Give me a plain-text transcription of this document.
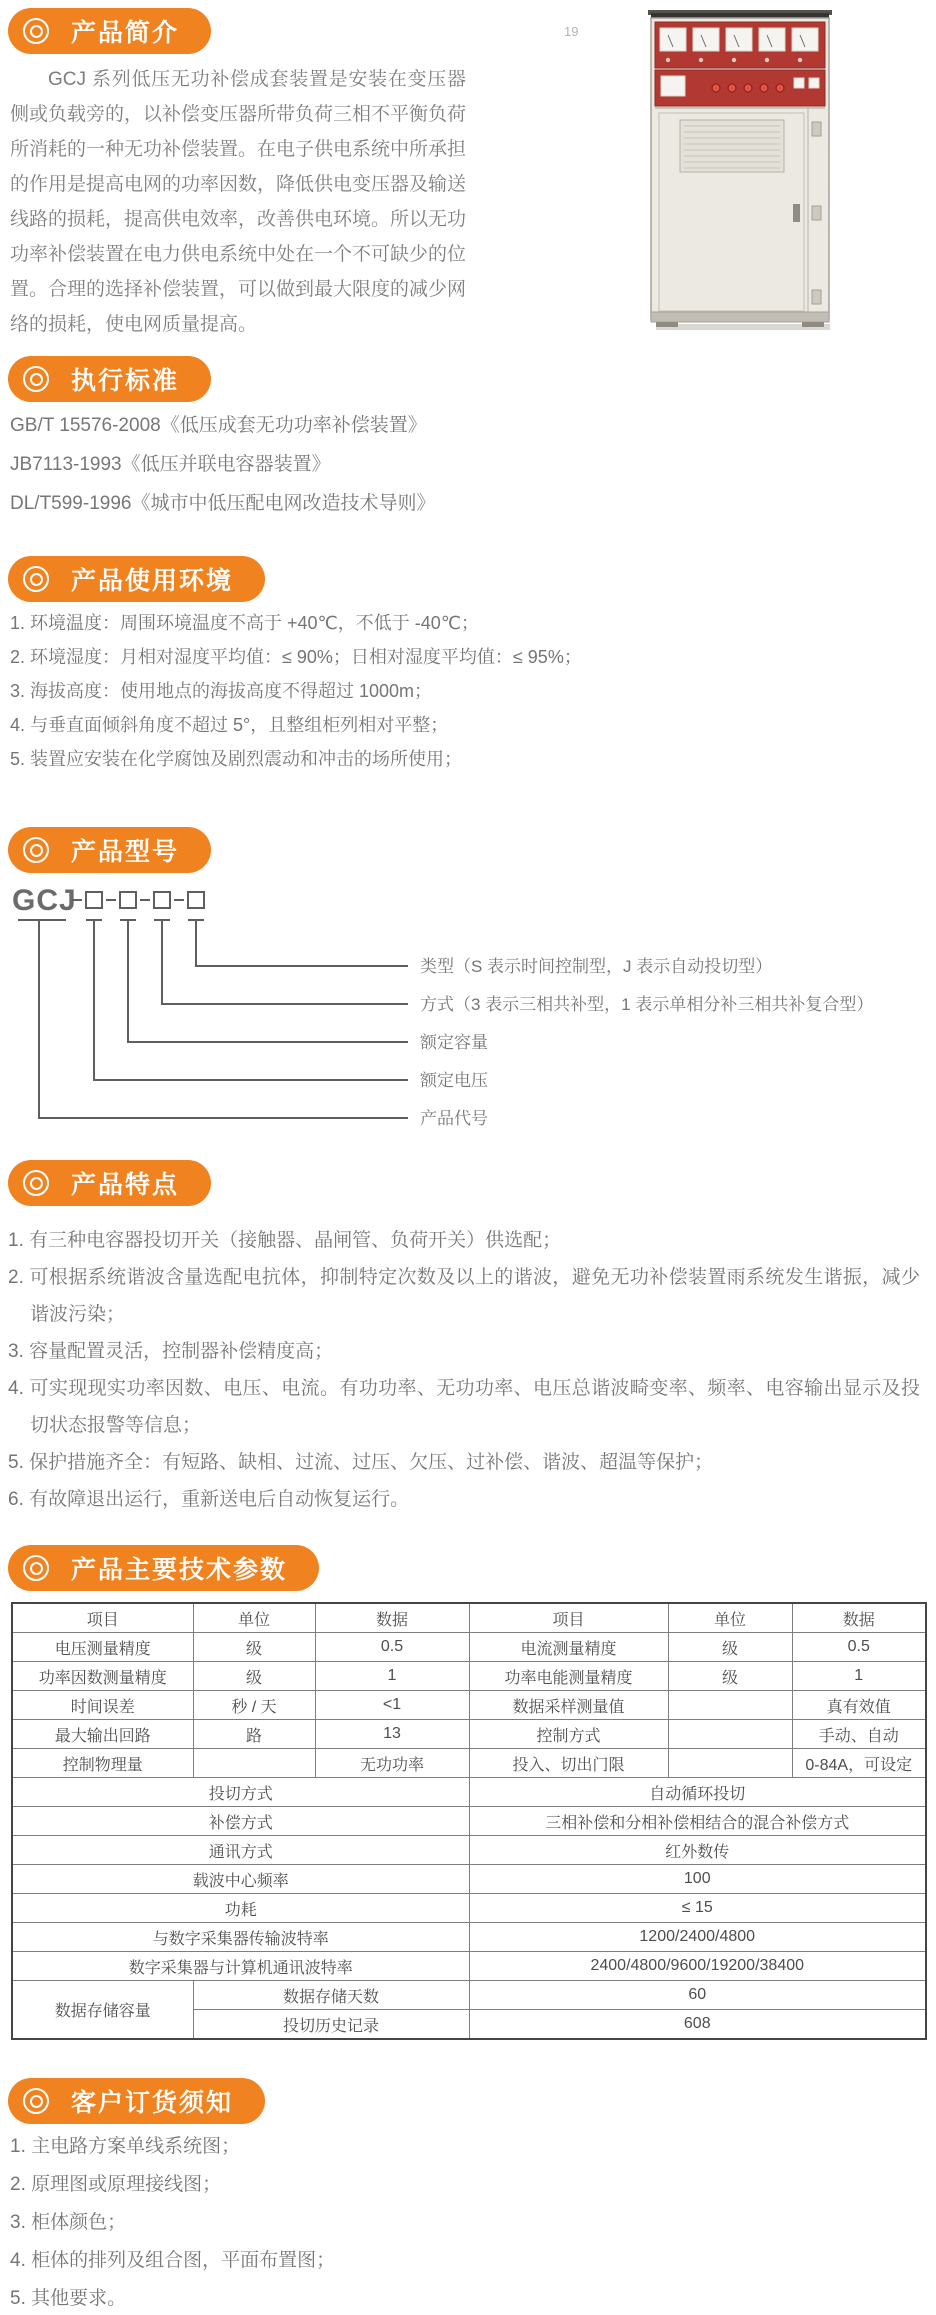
19
产品简介

GCJ 系列低压无功补偿成套装置是安装在变压器侧或负载旁的，以补偿变压器所带负荷三相不平衡负荷所消耗的一种无功补偿装置。在电子供电系统中所承担的作用是提高电网的功率因数，降低供电变压器及输送线路的损耗，提高供电效率，改善供电环境。所以无功功率补偿装置在电力供电系统中处在一个不可缺少的位置。合理的选择补偿装置，可以做到最大限度的减少网络的损耗，使电网质量提高。

执行标准
GB/T 15576-2008《低压成套无功功率补偿装置》
JB7113-1993《低压并联电容器装置》
DL/T599-1996《城市中低压配电网改造技术导则》
产品使用环境
1. 环境温度：周围环境温度不高于 +40℃，不低于 -40℃；
2. 环境湿度：月相对湿度平均值：≤ 90%；日相对湿度平均值：≤ 95%；
3. 海拔高度：使用地点的海拔高度不得超过 1000m；
4. 与垂直面倾斜角度不超过 5°，且整组柜列相对平整；
5. 装置应安装在化学腐蚀及剧烈震动和冲击的场所使用；
产品型号
GCJ
类型（S 表示时间控制型，J 表示自动投切型）
方式（3 表示三相共补型，1 表示单相分补三相共补复合型）
额定容量
额定电压
产品代号
产品特点
1. 有三种电容器投切开关（接触器、晶闸管、负荷开关）供选配；
2. 可根据系统谐波含量选配电抗体，抑制特定次数及以上的谐波，避免无功补偿装置雨系统发生谐振，减少谐波污染；
3. 容量配置灵活，控制器补偿精度高；
4. 可实现现实功率因数、电压、电流。有功功率、无功功率、电压总谐波畸变率、频率、电容输出显示及投切状态报警等信息；
5. 保护措施齐全：有短路、缺相、过流、过压、欠压、过补偿、谐波、超温等保护；
6. 有故障退出运行，重新送电后自动恢复运行。
产品主要技术参数
项目	单位	数据	项目	单位	数据
电压测量精度	级	0.5	电流测量精度	级	0.5
功率因数测量精度	级	1	功率电能测量精度	级	1
时间误差	秒 / 天	<1	数据采样测量值		真有效值
最大输出回路	路	13	控制方式		手动、自动
控制物理量		无功功率	投入、切出门限		0-84A，可设定
投切方式			自动循环投切		
补偿方式			三相补偿和分相补偿相结合的混合补偿方式		
通讯方式			红外数传		
载波中心频率			100		
功耗			≤ 15		
与数字采集器传输波特率			1200/2400/4800		
数字采集器与计算机通讯波特率			2400/4800/9600/19200/38400		
数据存储容量	数据存储天数		60		
	投切历史记录		608		
客户订货须知
1. 主电路方案单线系统图；
2. 原理图或原理接线图；
3. 柜体颜色；
4. 柜体的排列及组合图，平面布置图；
5. 其他要求。
